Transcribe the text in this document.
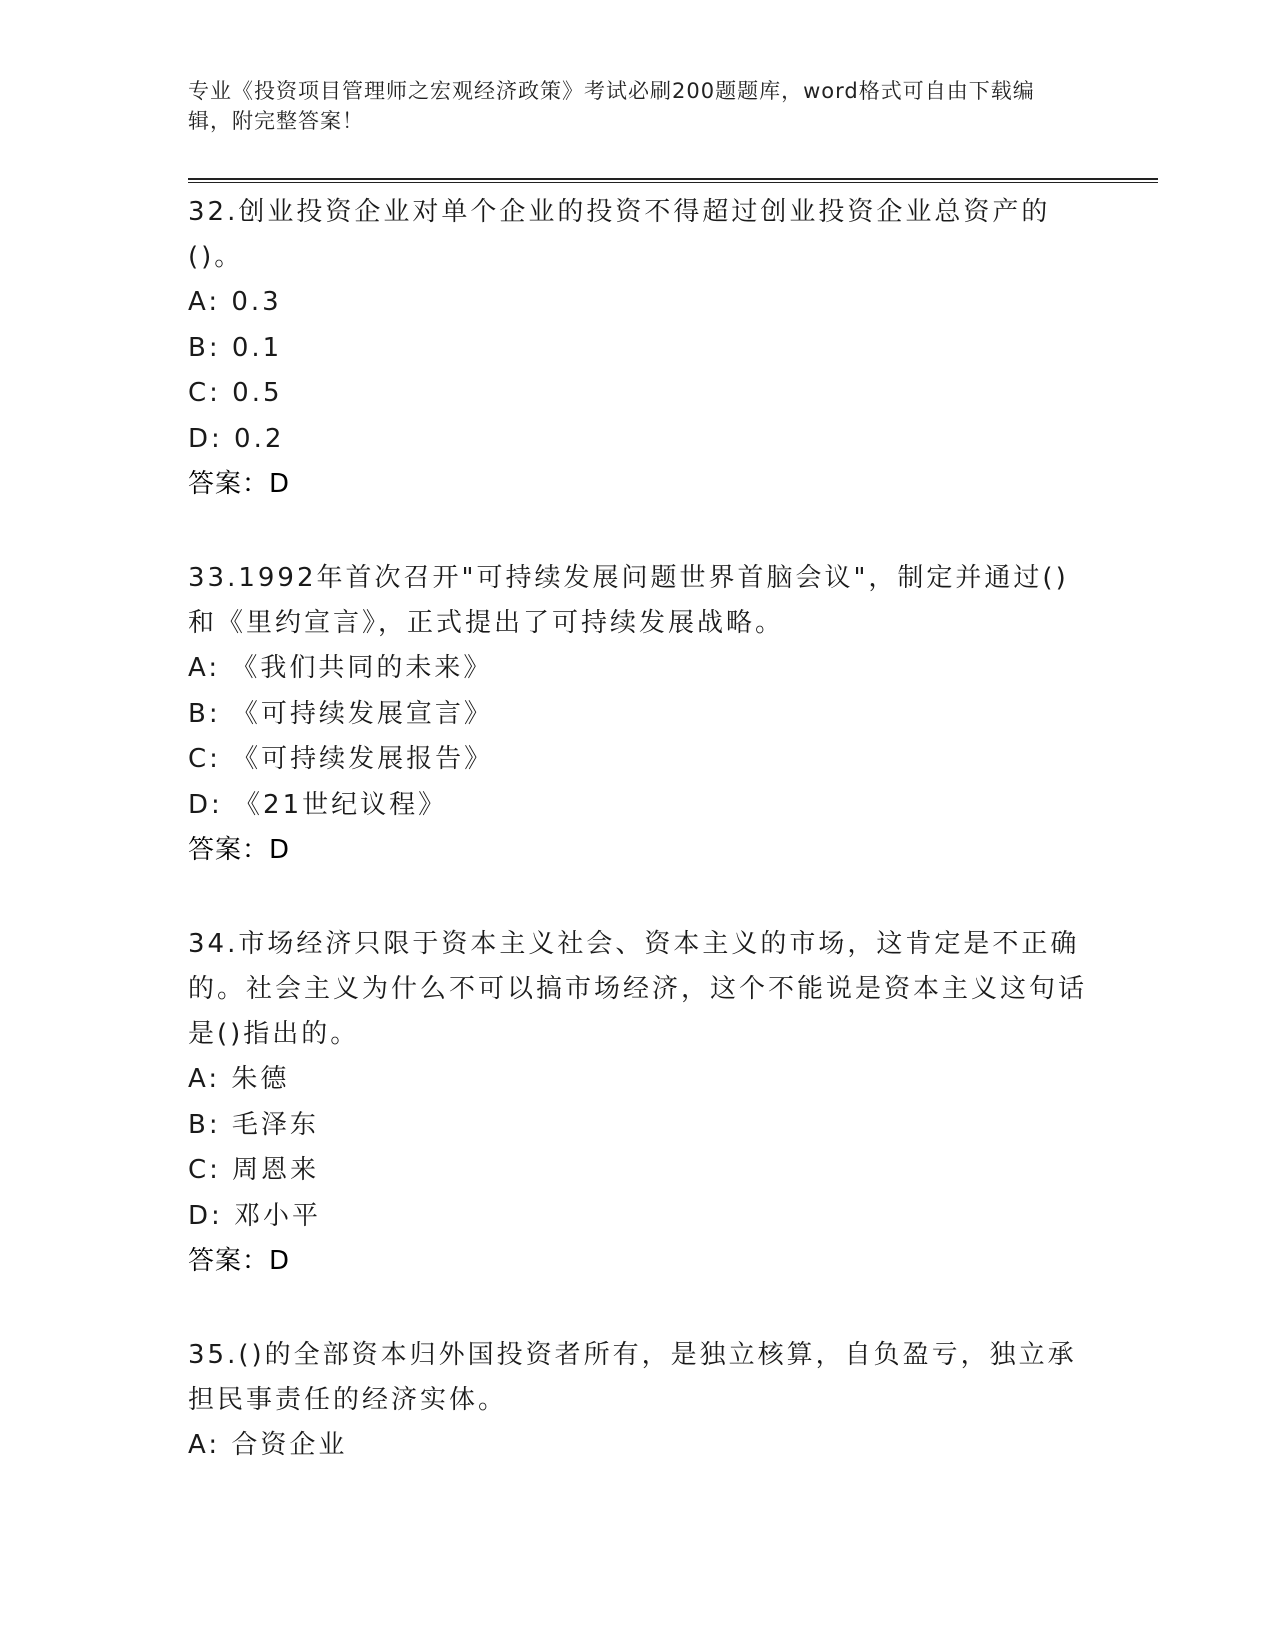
专业《投资项目管理师之宏观经济政策》考试必刷200题题库，word格式可自由下载编辑，附完整答案！

32.创业投资企业对单个企业的投资不得超过创业投资企业总资产的()。

A: 0.3

B: 0.1

C: 0.5

D: 0.2

答案：D

33.1992年首次召开"可持续发展问题世界首脑会议"，制定并通过()和《里约宣言》，正式提出了可持续发展战略。

A: 《我们共同的未来》

B: 《可持续发展宣言》

C: 《可持续发展报告》

D: 《21世纪议程》

答案：D

34.市场经济只限于资本主义社会、资本主义的市场，这肯定是不正确的。社会主义为什么不可以搞市场经济，这个不能说是资本主义这句话是()指出的。

A: 朱德

B: 毛泽东

C: 周恩来

D: 邓小平

答案：D

35.()的全部资本归外国投资者所有，是独立核算，自负盈亏，独立承担民事责任的经济实体。

A: 合资企业
